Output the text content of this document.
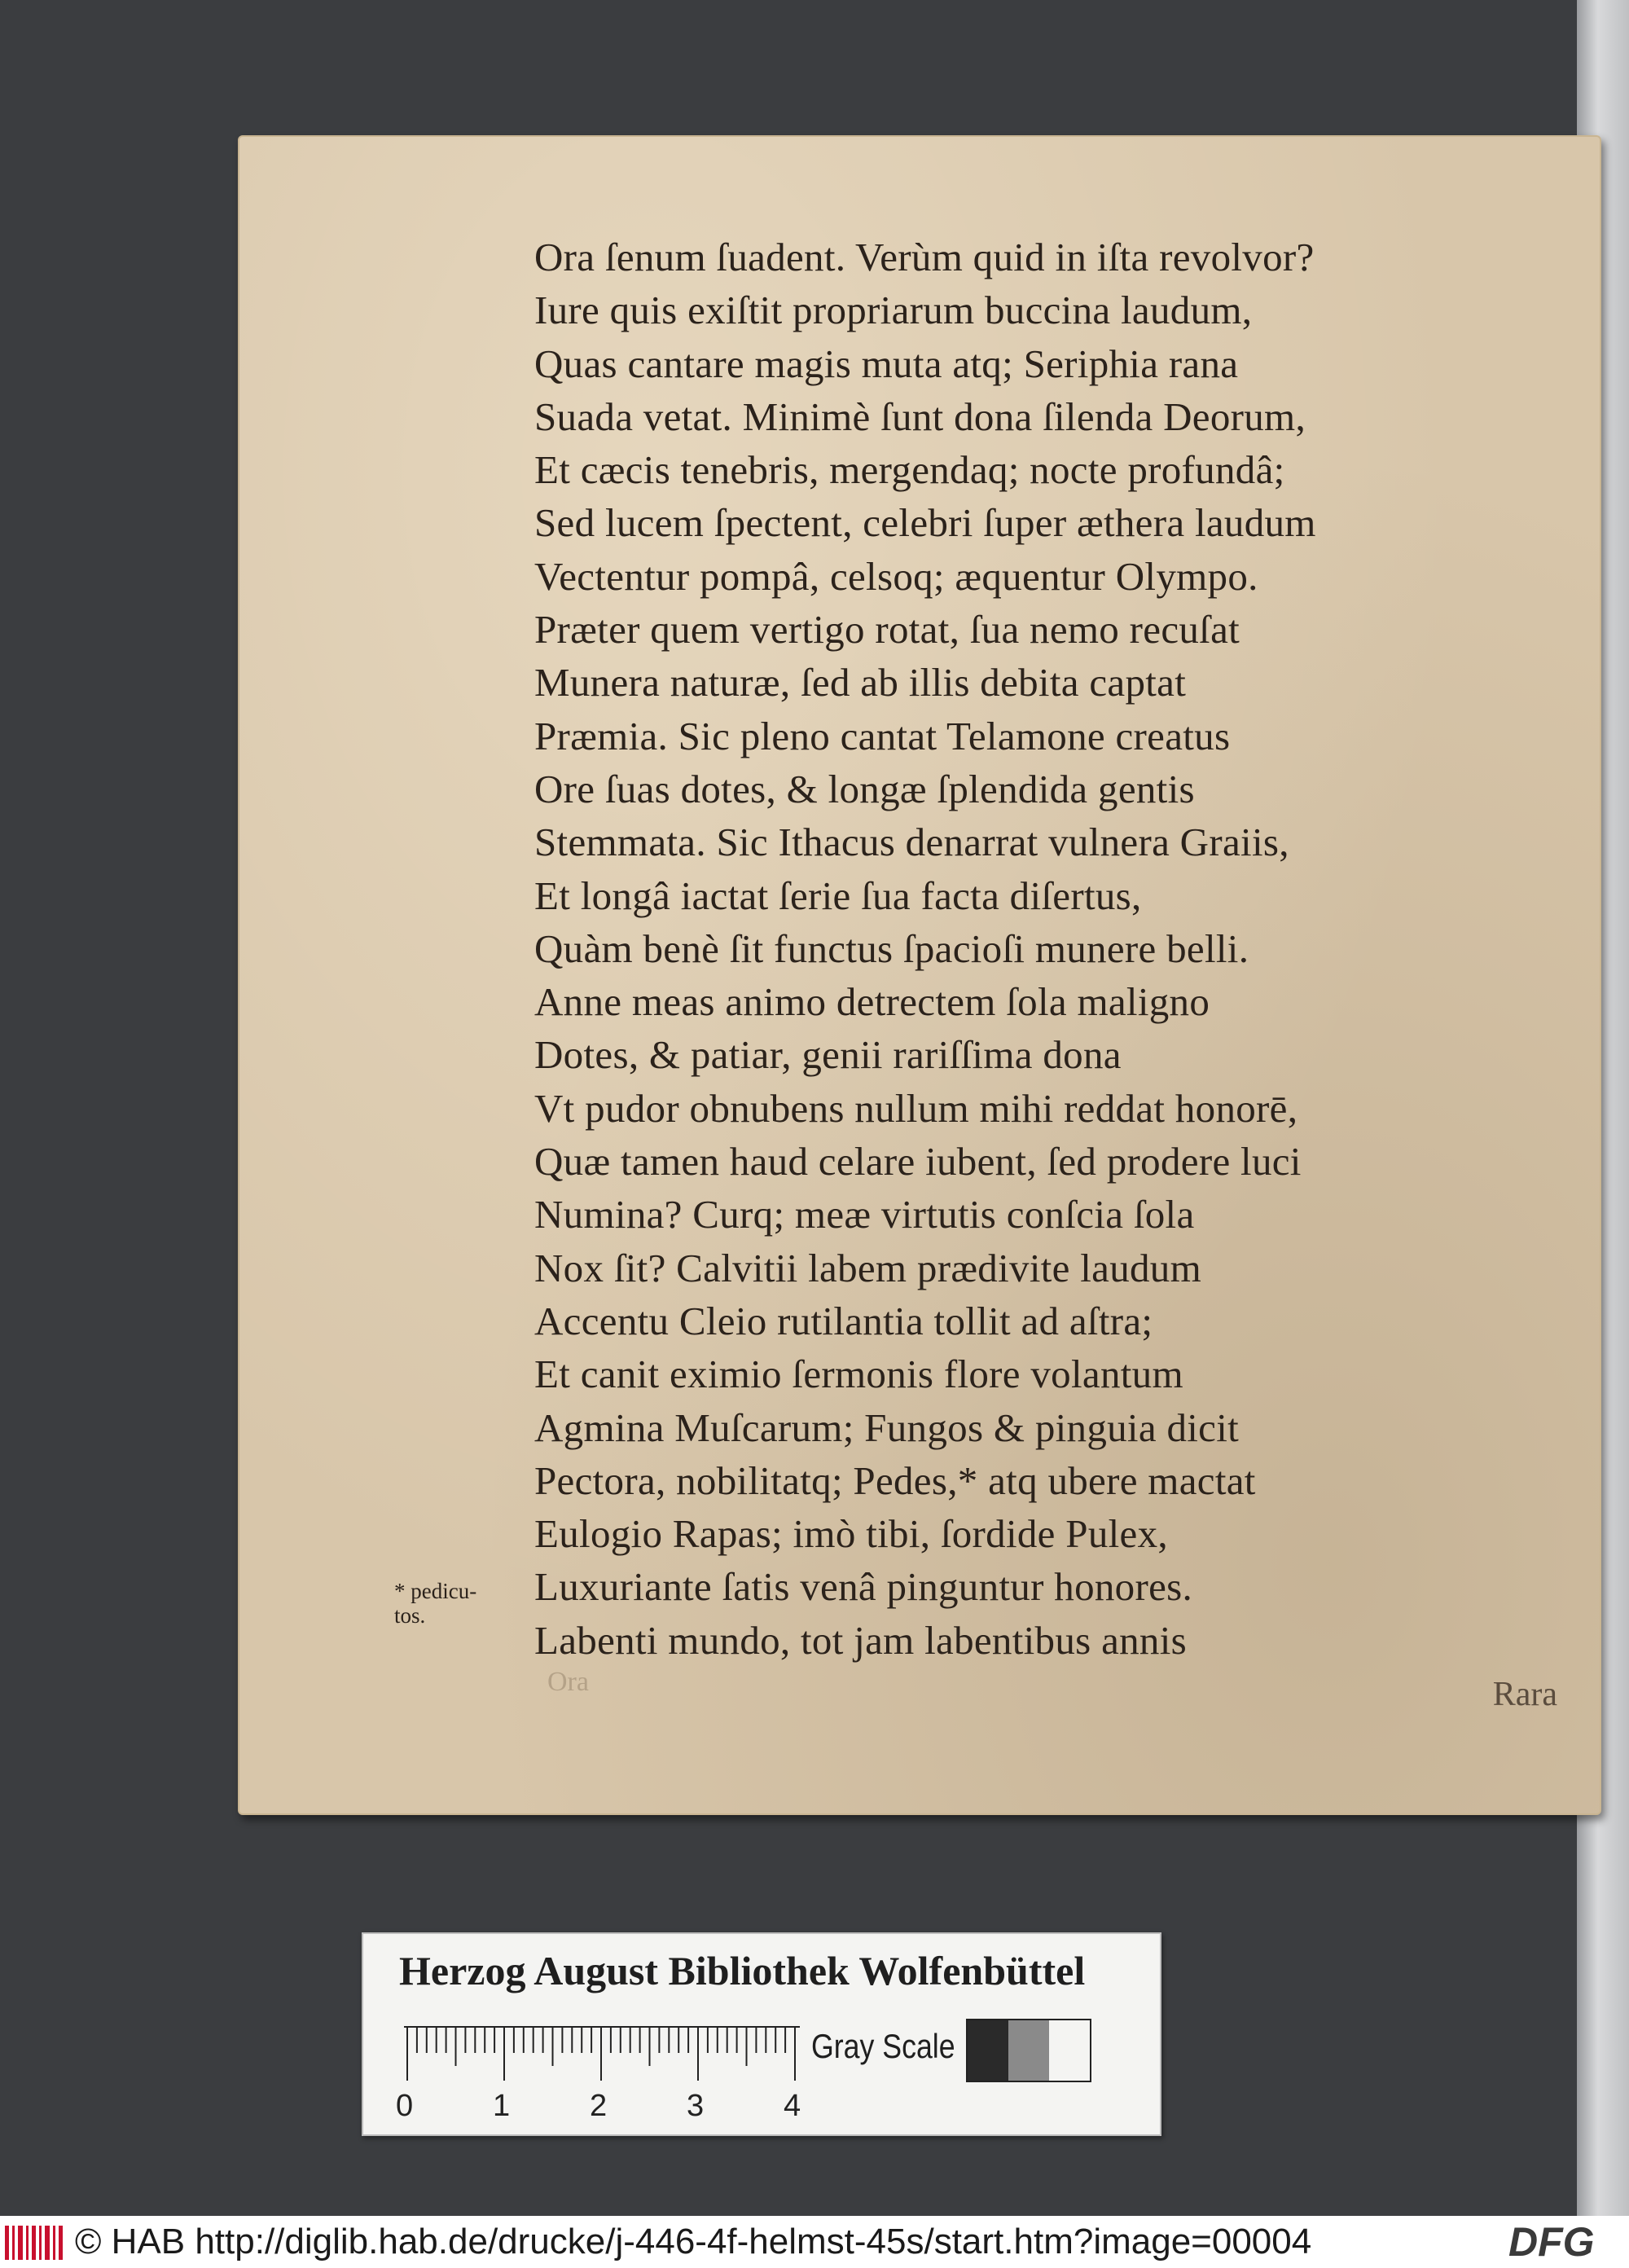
Ora ſenum ſuadent. Verùm quid in iſta revolvor?
Iure quis exiſtit propriarum buccina laudum,
Quas cantare magis muta atq; Seriphia rana
Suada vetat. Minimè ſunt dona ſilenda Deorum,
Et cæcis tenebris, mergendaq; nocte profundâ;
Sed lucem ſpectent, celebri ſuper æthera laudum
Vectentur pompâ, celsoq; æquentur Olympo.
Præter quem vertigo rotat, ſua nemo recuſat
Munera naturæ, ſed ab illis debita captat
Præmia. Sic pleno cantat Telamone creatus
Ore ſuas dotes, & longæ ſplendida gentis
Stemmata. Sic Ithacus denarrat vulnera Graiis,
Et longâ iactat ſerie ſua facta diſertus,
Quàm benè ſit functus ſpacioſi munere belli.
Anne meas animo detrectem ſola maligno
Dotes, & patiar, genii rariſſima dona
Vt pudor obnubens nullum mihi reddat honorē,
Quæ tamen haud celare iubent, ſed prodere luci
Numina? Curq; meæ virtutis conſcia ſola
Nox ſit? Calvitii labem prædivite laudum
Accentu Cleio rutilantia tollit ad aſtra;
Et canit eximio ſermonis flore volantum
Agmina Muſcarum; Fungos & pinguia dicit
Pectora, nobilitatq; Pedes,* atq ubere mactat
Eulogio Rapas; imò tibi, ſordide Pulex,
Luxuriante ſatis venâ pinguntur honores.
Labenti mundo, tot jam labentibus annis
* pedicu-
tos.
Ora	Rara
Herzog August Bibliothek Wolfenbüttel
0	1	2	3	4
Gray Scale
© HAB http://diglib.hab.de/drucke/j-446-4f-helmst-45s/start.htm?image=00004	DFG
